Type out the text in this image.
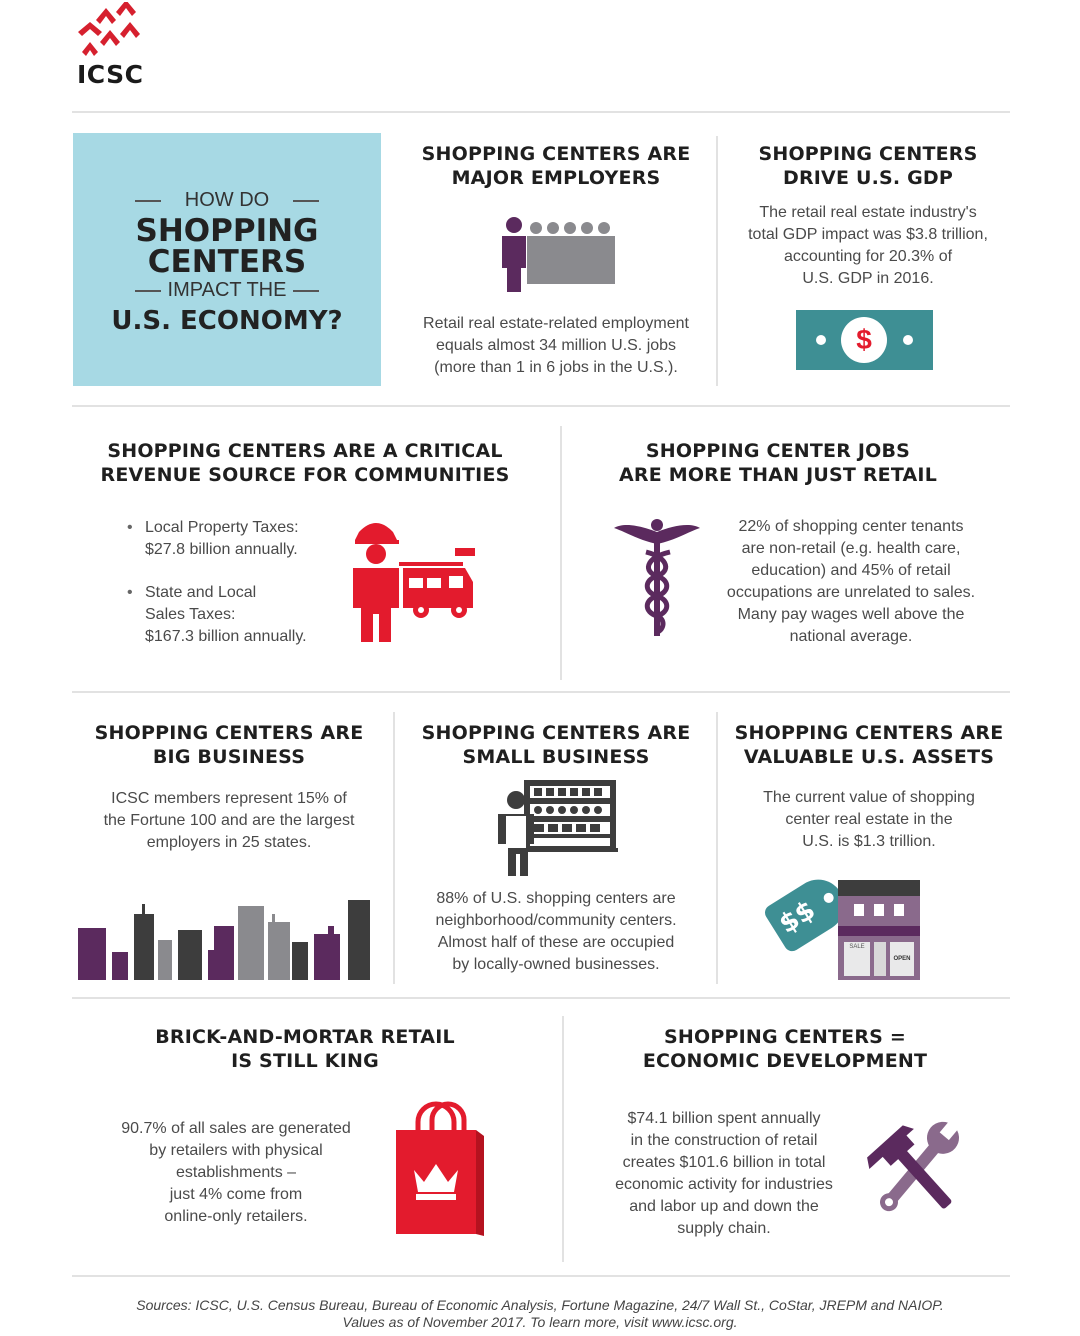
ICSC
HOW DO
SHOPPING
CENTERS
IMPACT THE
U.S. ECONOMY?
SHOPPING CENTERS ARE
MAJOR EMPLOYERS
Retail real estate-related employment
equals almost 34 million U.S. jobs
(more than 1 in 6 jobs in the U.S.).
SHOPPING CENTERS
DRIVE U.S. GDP
The retail real estate industry's
total GDP impact was $3.8 trillion,
accounting for 20.3% of
U.S. GDP in 2016.
$
SHOPPING CENTERS ARE A CRITICAL
REVENUE SOURCE FOR COMMUNITIES
• Local Property Taxes:
$27.8 billion annually.
• State and Local
Sales Taxes:
$167.3 billion annually.
SHOPPING CENTER JOBS
ARE MORE THAN JUST RETAIL
22% of shopping center tenants
are non-retail (e.g. health care,
education) and 45% of retail
occupations are unrelated to sales.
Many pay wages well above the
national average.
SHOPPING CENTERS ARE
BIG BUSINESS
ICSC members represent 15% of
the Fortune 100 and are the largest
employers in 25 states.
SHOPPING CENTERS ARE
SMALL BUSINESS
88% of U.S. shopping centers are
neighborhood/community centers.
Almost half of these are occupied
by locally-owned businesses.
SHOPPING CENTERS ARE
VALUABLE U.S. ASSETS
The current value of shopping
center real estate in the
U.S. is $1.3 trillion.
$$
SALE
OPEN
BRICK-AND-MORTAR RETAIL
IS STILL KING
90.7% of all sales are generated
by retailers with physical
establishments –
just 4% come from
online-only retailers.
SHOPPING CENTERS =
ECONOMIC DEVELOPMENT
$74.1 billion spent annually
in the construction of retail
creates $101.6 billion in total
economic activity for industries
and labor up and down the
supply chain.
Sources: ICSC, U.S. Census Bureau, Bureau of Economic Analysis, Fortune Magazine, 24/7 Wall St., CoStar, JREPM and NAIOP.
Values as of November 2017. To learn more, visit www.icsc.org.
